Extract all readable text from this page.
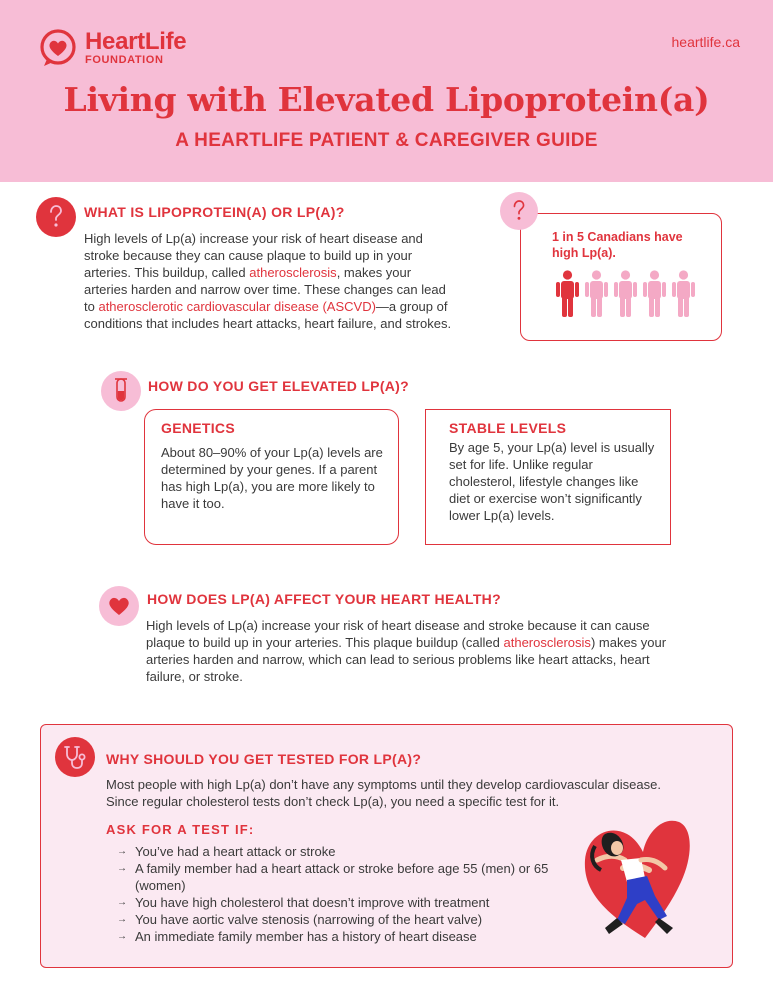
HeartLife
FOUNDATION
heartlife.ca
Living with Elevated Lipoprotein(a)
A HEARTLIFE PATIENT & CAREGIVER GUIDE
WHAT IS LIPOPROTEIN(A) OR LP(A)?
High levels of Lp(a) increase your risk of heart disease and stroke because they can cause plaque to build up in your arteries. This buildup, called atherosclerosis, makes your arteries harden and narrow over time. These changes can lead to atherosclerotic cardiovascular disease (ASCVD)—a group of conditions that includes heart attacks, heart failure, and strokes.
1 in 5 Canadians have high Lp(a).
HOW DO YOU GET ELEVATED LP(A)?
GENETICS
About 80–90% of your Lp(a) levels are determined by your genes. If a parent has high Lp(a), you are more likely to have it too.
STABLE LEVELS
By age 5, your Lp(a) level is usually set for life. Unlike regular cholesterol, lifestyle changes like diet or exercise won’t significantly lower Lp(a) levels.
HOW DOES LP(A) AFFECT YOUR HEART HEALTH?
High levels of Lp(a) increase your risk of heart disease and stroke because it can cause plaque to build up in your arteries. This plaque buildup (called atherosclerosis) makes your arteries harden and narrow, which can lead to serious problems like heart attacks, heart failure, or stroke.
WHY SHOULD YOU GET TESTED FOR LP(A)?
Most people with high Lp(a) don’t have any symptoms until they develop cardiovascular disease. Since regular cholesterol tests don’t check Lp(a), you need a specific test for it.
ASK FOR A TEST IF:
→ You’ve had a heart attack or stroke
→ A family member had a heart attack or stroke before age 55 (men) or 65 (women)
→ You have high cholesterol that doesn’t improve with treatment
→ You have aortic valve stenosis (narrowing of the heart valve)
→ An immediate family member has a history of heart disease
